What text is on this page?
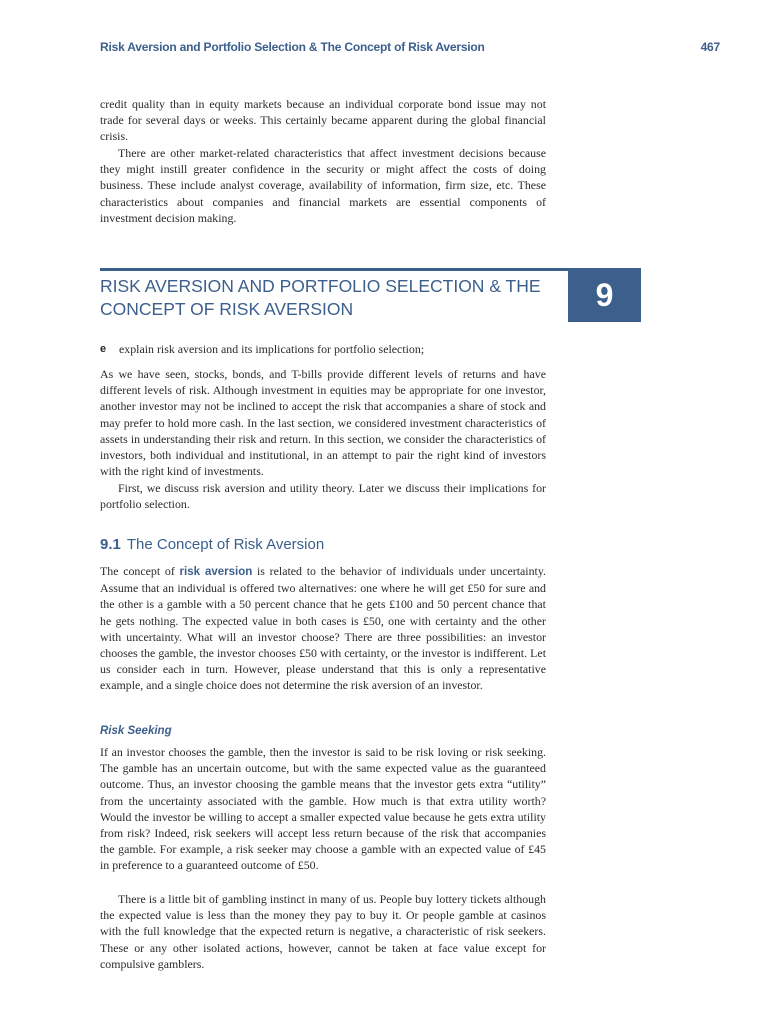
Risk Aversion and Portfolio Selection & The Concept of Risk Aversion	467

credit quality than in equity markets because an individual corporate bond issue may not trade for several days or weeks. This certainly became apparent during the global financial crisis.

There are other market-related characteristics that affect investment decisions because they might instill greater confidence in the security or might affect the costs of doing business. These include analyst coverage, availability of information, firm size, etc. These characteristics about companies and financial markets are essential components of investment decision making.

RISK AVERSION AND PORTFOLIO SELECTION & THE CONCEPT OF RISK AVERSION	9
e	explain risk aversion and its implications for portfolio selection;

As we have seen, stocks, bonds, and T-bills provide different levels of returns and have different levels of risk. Although investment in equities may be appropriate for one investor, another investor may not be inclined to accept the risk that accompanies a share of stock and may prefer to hold more cash. In the last section, we considered investment characteristics of assets in understanding their risk and return. In this section, we consider the characteristics of investors, both individual and institutional, in an attempt to pair the right kind of investors with the right kind of investments.

First, we discuss risk aversion and utility theory. Later we discuss their implications for portfolio selection.

9.1 The Concept of Risk Aversion

The concept of risk aversion is related to the behavior of individuals under uncertainty. Assume that an individual is offered two alternatives: one where he will get £50 for sure and the other is a gamble with a 50 percent chance that he gets £100 and 50 percent chance that he gets nothing. The expected value in both cases is £50, one with certainty and the other with uncertainty. What will an investor choose? There are three possibilities: an investor chooses the gamble, the investor chooses £50 with certainty, or the investor is indifferent. Let us consider each in turn. However, please understand that this is only a representative example, and a single choice does not determine the risk aversion of an investor.

Risk Seeking

If an investor chooses the gamble, then the investor is said to be risk loving or risk seeking. The gamble has an uncertain outcome, but with the same expected value as the guaranteed outcome. Thus, an investor choosing the gamble means that the investor gets extra “utility” from the uncertainty associated with the gamble. How much is that extra utility worth? Would the investor be willing to accept a smaller expected value because he gets extra utility from risk? Indeed, risk seekers will accept less return because of the risk that accompanies the gamble. For example, a risk seeker may choose a gamble with an expected value of £45 in preference to a guaranteed outcome of £50.

There is a little bit of gambling instinct in many of us. People buy lottery tickets although the expected value is less than the money they pay to buy it. Or people gamble at casinos with the full knowledge that the expected return is negative, a characteristic of risk seekers. These or any other isolated actions, however, cannot be taken at face value except for compulsive gamblers.
